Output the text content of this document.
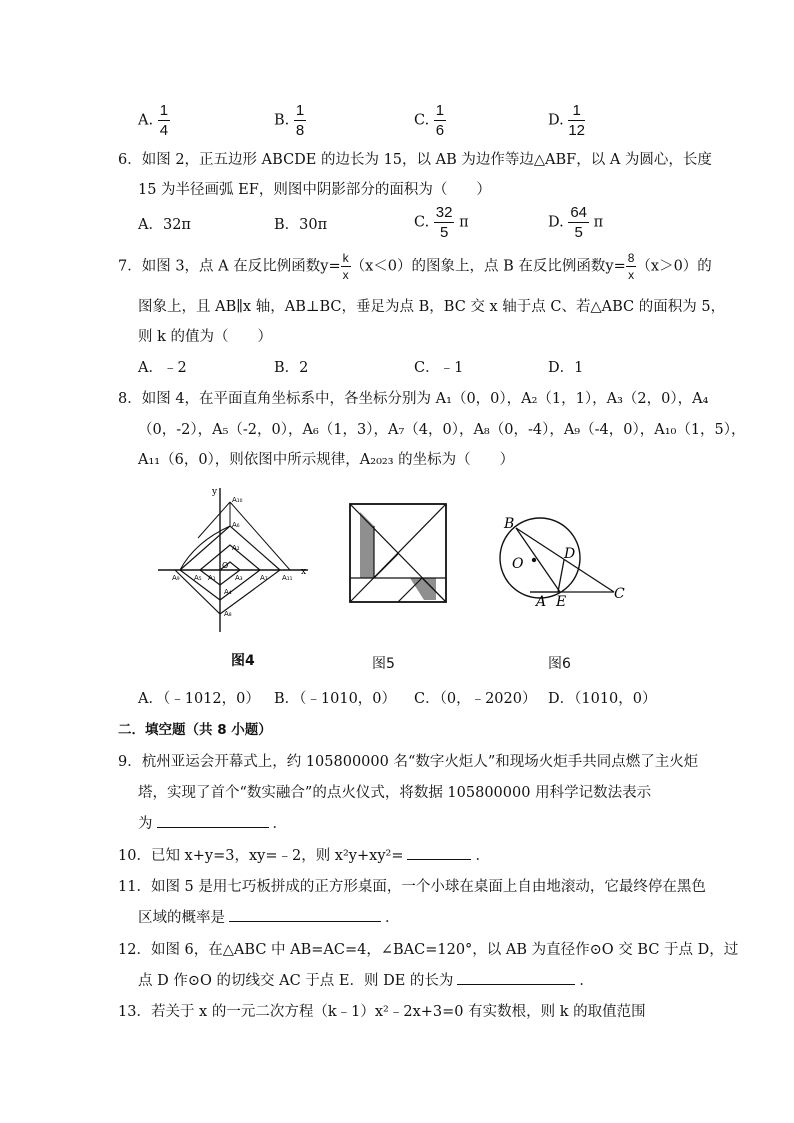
A. $\frac{1}{4}$	B. $\frac{1}{8}$	C. $\frac{1}{6}$	D. $\frac{1}{12}$
6．如图 2，正五边形 ABCDE 的边长为 15，以 AB 为边作等边△ABF，以 A 为圆心，长度
15 为半径画弧 EF，则图中阴影部分的面积为（　　）
A．32π	B．30π	C. $\frac{32}{5}$ π	D. $\frac{64}{5}$ π
7．如图 3，点 A 在反比例函数$y= \frac{k}{x} (x<0)$的图象上，点 B 在反比例函数$y= \frac{8}{x} (x>0)$的
图象上，且 AB∥x 轴，AB⊥BC，垂足为点 B，BC 交 x 轴于点 C、若△ABC 的面积为 5，
则 k 的值为（　　）
A．﹣2	B．2	C．﹣1	D．1
8．如图 4，在平面直角坐标系中，各坐标分别为 A₁（0，0），A₂（1，1），A₃（2，0），A₄
（0，-2），A₅（-2，0），A₆（1，3），A₇（4，0），A₈（0，-4），A₉（-4，0），A₁₀（1，5），
A₁₁（6，0），则依图中所示规律，A₂₀₂₃ 的坐标为（　　）
y
x
A₁₀
A₆
A₂
O
A₉ A₅ A₁	A₃ A₇ A₁₁
A₄
A₈
图4	图5
B
D
O
C
A E
图6
A．（﹣1012，0） B．（﹣1010，0） C．（0，﹣2020） D．（1010，0）
二．填空题（共 8 小题）
9．杭州亚运会开幕式上，约 105800000 名“数字火炬人”和现场火炬手共同点燃了主火炬
塔，实现了首个“数实融合”的点火仪式，将数据 105800000 用科学记数法表示
为	．
10．已知 x+y=3，xy=﹣2，则 x²y+xy²=	．
11．如图 5 是用七巧板拼成的正方形桌面，一个小球在桌面上自由地滚动，它最终停在黑色
区域的概率是	．
12．如图 6，在△ABC 中 AB=AC=4，∠BAC=120°，以 AB 为直径作⊙O 交 BC 于点 D，过
点 D 作⊙O 的切线交 AC 于点 E．则 DE 的长为	．
13．若关于 x 的一元二次方程（k﹣1）x²﹣2x+3=0 有实数根，则 k 的取值范围
